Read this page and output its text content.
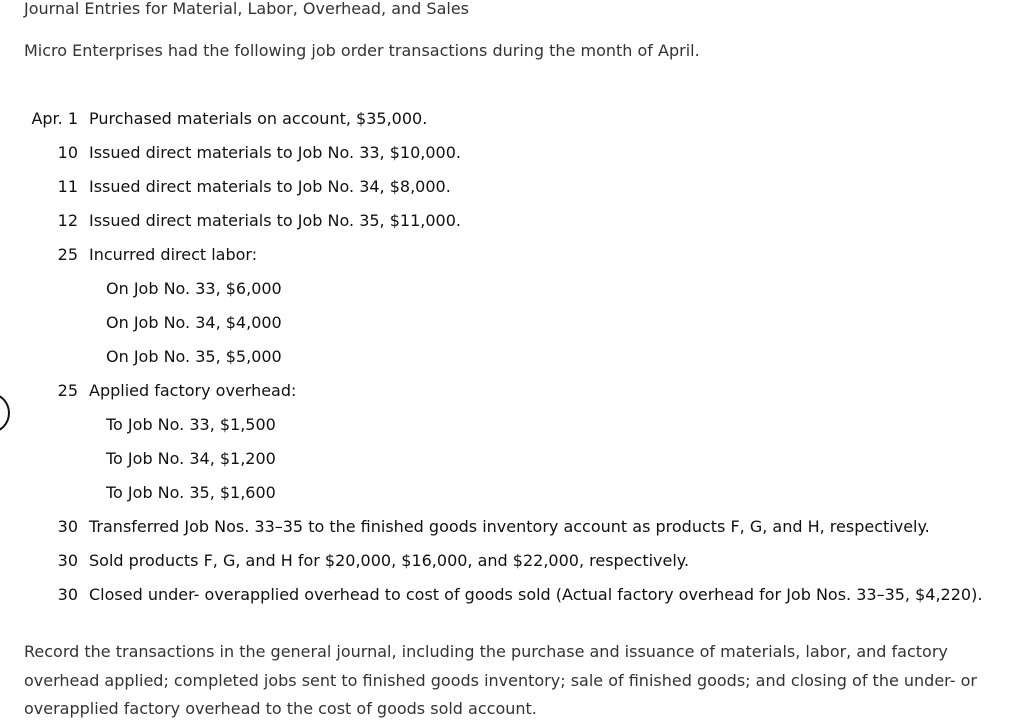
Journal Entries for Material, Labor, Overhead, and Sales
Micro Enterprises had the following job order transactions during the month of April.
Apr. 1 Purchased materials on account, $35,000.
10 Issued direct materials to Job No. 33, $10,000.
11 Issued direct materials to Job No. 34, $8,000.
12 Issued direct materials to Job No. 35, $11,000.
25 Incurred direct labor:
On Job No. 33, $6,000
On Job No. 34, $4,000
On Job No. 35, $5,000
25 Applied factory overhead:
To Job No. 33, $1,500
To Job No. 34, $1,200
To Job No. 35, $1,600
30 Transferred Job Nos. 33–35 to the finished goods inventory account as products F, G, and H, respectively.
30 Sold products F, G, and H for $20,000, $16,000, and $22,000, respectively.
30 Closed under- overapplied overhead to cost of goods sold (Actual factory overhead for Job Nos. 33–35, $4,220).
Record the transactions in the general journal, including the purchase and issuance of materials, labor, and factory overhead applied; completed jobs sent to finished goods inventory; sale of finished goods; and closing of the under- or overapplied factory overhead to the cost of goods sold account.
